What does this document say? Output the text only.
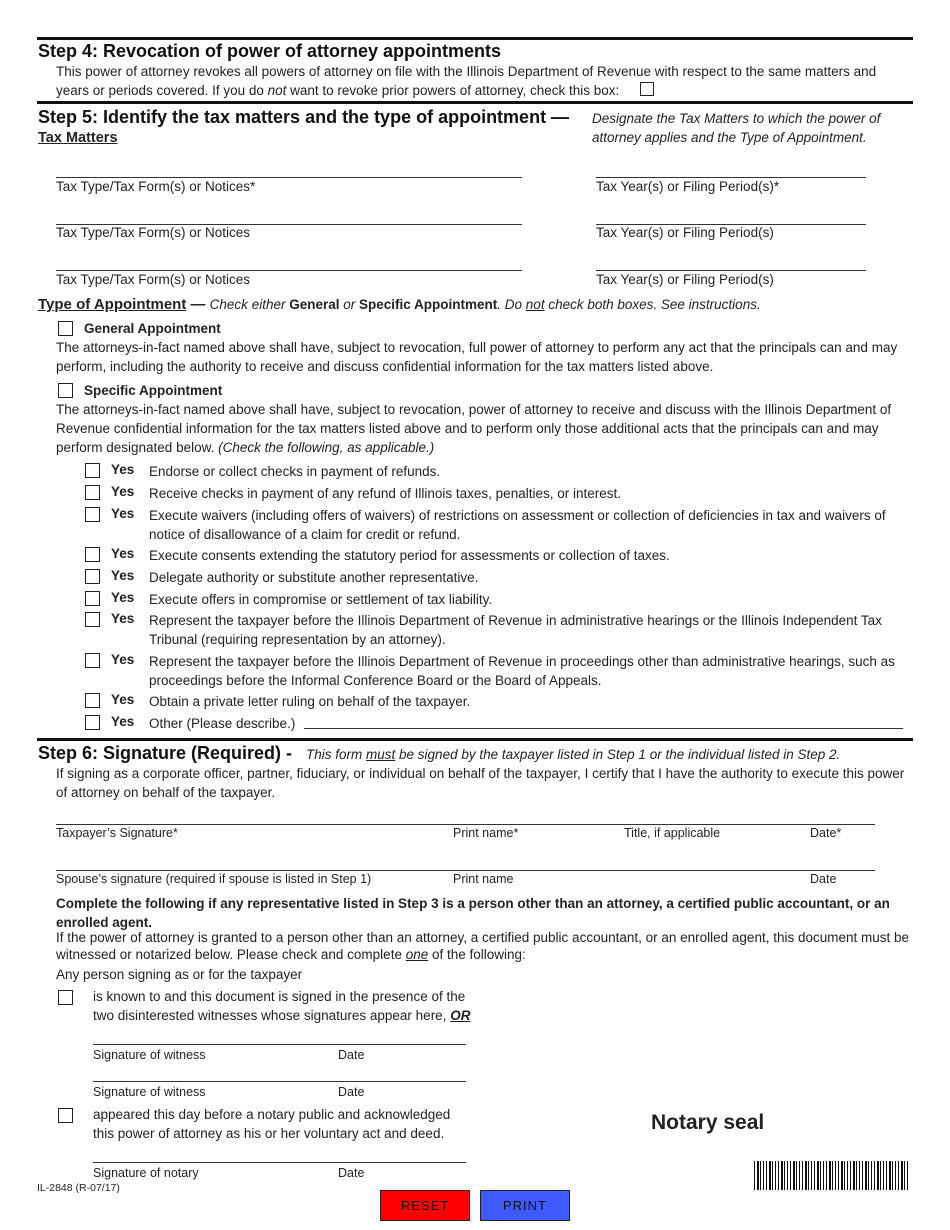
Step 4: Revocation of power of attorney appointments
This power of attorney revokes all powers of attorney on file with the Illinois Department of Revenue with respect to the same matters and
years or periods covered. If you do not want to revoke prior powers of attorney, check this box:
Step 5: Identify the tax matters and the type of appointment — Designate the Tax Matters to which the power of
attorney applies and the Type of Appointment.
Tax Matters
Tax Type/Tax Form(s) or Notices*	Tax Year(s) or Filing Period(s)*
Tax Type/Tax Form(s) or Notices	Tax Year(s) or Filing Period(s)
Tax Type/Tax Form(s) or Notices	Tax Year(s) or Filing Period(s)
Type of Appointment — Check either General or Specific Appointment. Do not check both boxes. See instructions.
General Appointment
The attorneys-in-fact named above shall have, subject to revocation, full power of attorney to perform any act that the principals can and may perform, including the authority to receive and discuss confidential information for the tax matters listed above.
Specific Appointment
The attorneys-in-fact named above shall have, subject to revocation, power of attorney to receive and discuss with the Illinois Department of Revenue confidential information for the tax matters listed above and to perform only those additional acts that the principals can and may perform designated below. (Check the following, as applicable.)
Yes Endorse or collect checks in payment of refunds.
Yes Receive checks in payment of any refund of Illinois taxes, penalties, or interest.
Yes Execute waivers (including offers of waivers) of restrictions on assessment or collection of deficiencies in tax and waivers of notice of disallowance of a claim for credit or refund.
Yes Execute consents extending the statutory period for assessments or collection of taxes.
Yes Delegate authority or substitute another representative.
Yes Execute offers in compromise or settlement of tax liability.
Yes Represent the taxpayer before the Illinois Department of Revenue in administrative hearings or the Illinois Independent Tax Tribunal (requiring representation by an attorney).
Yes Represent the taxpayer before the Illinois Department of Revenue in proceedings other than administrative hearings, such as proceedings before the Informal Conference Board or the Board of Appeals.
Yes Obtain a private letter ruling on behalf of the taxpayer.
Yes Other (Please describe.)
Step 6: Signature (Required) - This form must be signed by the taxpayer listed in Step 1 or the individual listed in Step 2.
If signing as a corporate officer, partner, fiduciary, or individual on behalf of the taxpayer, I certify that I have the authority to execute this power of attorney on behalf of the taxpayer.
Taxpayer’s Signature*	Print name*	Title, if applicable	Date*
Spouse’s signature (required if spouse is listed in Step 1)	Print name	Date
Complete the following if any representative listed in Step 3 is a person other than an attorney, a certified public accountant, or an enrolled agent.
If the power of attorney is granted to a person other than an attorney, a certified public accountant, or an enrolled agent, this document must be witnessed or notarized below. Please check and complete one of the following:
Any person signing as or for the taxpayer
is known to and this document is signed in the presence of the
two disinterested witnesses whose signatures appear here, OR
Signature of witness	Date
Signature of witness	Date
appeared this day before a notary public and acknowledged
this power of attorney as his or her voluntary act and deed.	Notary seal
Signature of notary	Date
IL-2848 (R-07/17)
RESET	PRINT
